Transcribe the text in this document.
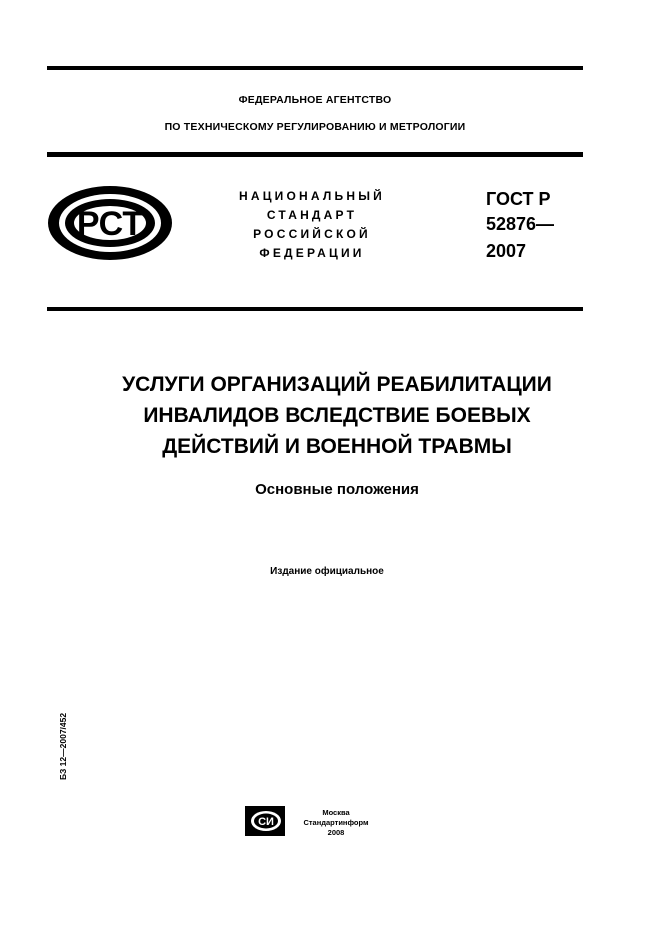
ФЕДЕРАЛЬНОЕ АГЕНТСТВО
ПО ТЕХНИЧЕСКОМУ РЕГУЛИРОВАНИЮ И МЕТРОЛОГИИ
РСТ
НАЦИОНАЛЬНЫЙ
СТАНДАРТ
РОССИЙСКОЙ
ФЕДЕРАЦИИ
ГОСТ Р
52876—
2007
УСЛУГИ ОРГАНИЗАЦИЙ РЕАБИЛИТАЦИИ
ИНВАЛИДОВ ВСЛЕДСТВИЕ БОЕВЫХ
ДЕЙСТВИЙ И ВОЕННОЙ ТРАВМЫ
Основные положения
Издание официальное
БЗ 12—2007/452
СИ
Москва
Стандартинформ
2008
